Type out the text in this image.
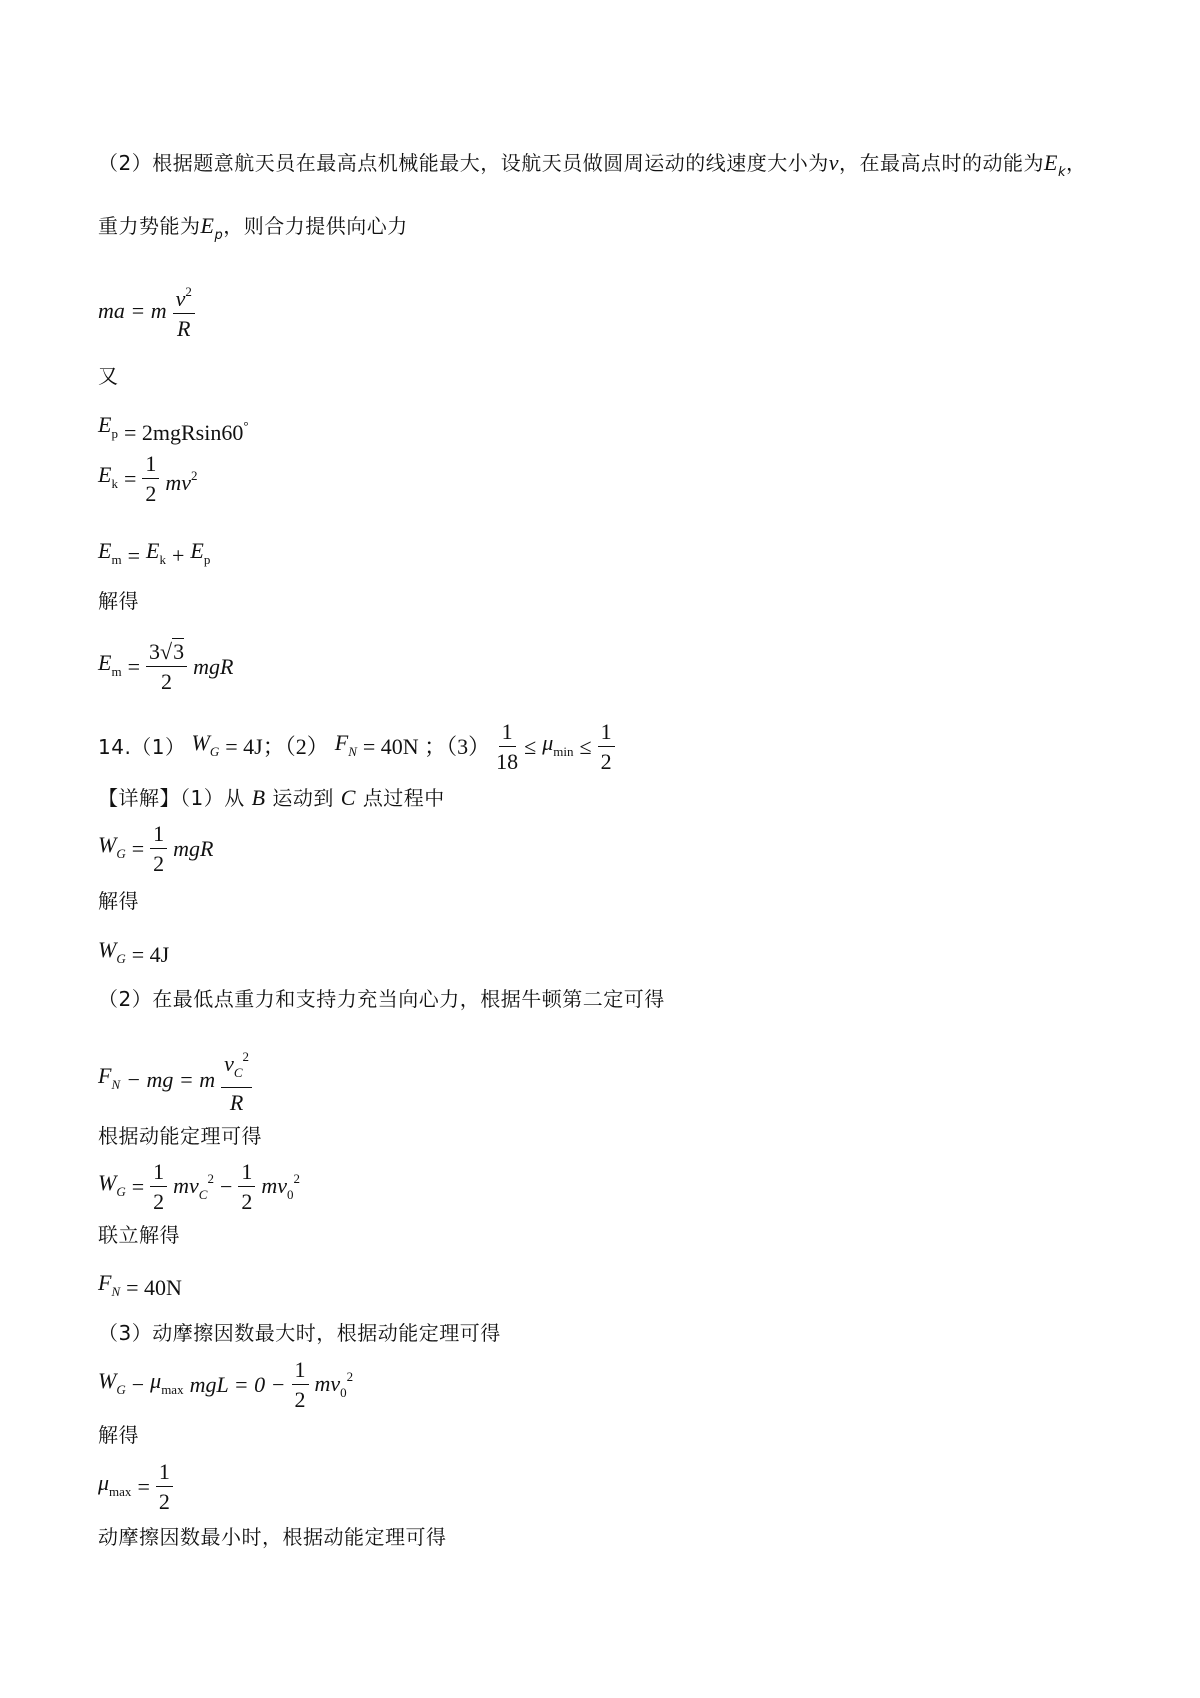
（2）根据题意航天员在最高点机械能最大，设航天员做圆周运动的线速度大小为v，在最高点时的动能为$E_k$，
重力势能为$E_p$，则合力提供向心力
ma = m $\frac{v^2}{R}$
又
$E_p = 2mgRsin60^\circ$
$E_k = \frac{1}{2} mv^2$
$E_m = E_k + E_p$
解得
$E_m = \frac{3√3}{2}$ mgR
14.（1） $W_G = 4J$；（2） $F_N = 40N$ ；$(3) \frac{1}{18} \le \mu_{min} \le \frac{1}{2}$
【详解】（1）从 B 运动到 C 点过程中
$W_G = \frac{1}{2}$ mgR
解得
$W_G = 4J$
（2）在最低点重力和支持力充当向心力，根据牛顿第二定可得
$F_N$ − mg = m $\frac{v_C^2}{R}$
根据动能定理可得
$W_G = \frac{1}{2} mv_C^2 - \frac{1}{2} mv_0^2$
联立解得
$F_N = 40N$
（3）动摩擦因数最大时，根据动能定理可得
$W_G - \mu_{max}$ mgL = $0 - \frac{1}{2} mv_0^2$
解得
$\mu_{max} = \frac{1}{2}$
动摩擦因数最小时，根据动能定理可得
